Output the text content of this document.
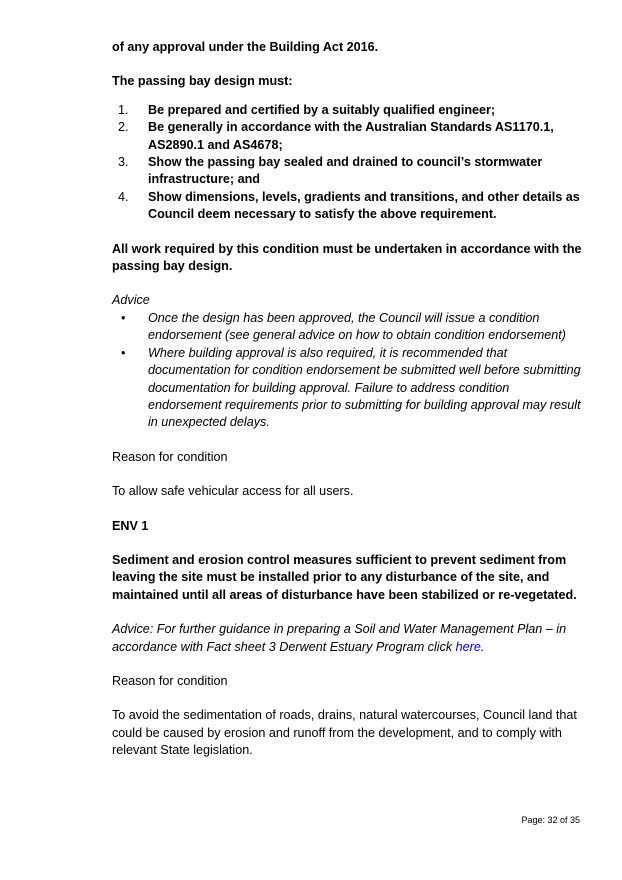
of any approval under the Building Act 2016.

The passing bay design must:

1. Be prepared and certified by a suitably qualified engineer;
2. Be generally in accordance with the Australian Standards AS1170.1, AS2890.1 and AS4678;
3. Show the passing bay sealed and drained to council’s stormwater infrastructure; and
4. Show dimensions, levels, gradients and transitions, and other details as Council deem necessary to satisfy the above requirement.

All work required by this condition must be undertaken in accordance with the passing bay design.

Advice

• Once the design has been approved, the Council will issue a condition endorsement (see general advice on how to obtain condition endorsement)
• Where building approval is also required, it is recommended that documentation for condition endorsement be submitted well before submitting documentation for building approval. Failure to address condition endorsement requirements prior to submitting for building approval may result in unexpected delays.

Reason for condition

To allow safe vehicular access for all users.

ENV 1

Sediment and erosion control measures sufficient to prevent sediment from leaving the site must be installed prior to any disturbance of the site, and maintained until all areas of disturbance have been stabilized or re-vegetated.

Advice: For further guidance in preparing a Soil and Water Management Plan – in accordance with Fact sheet 3 Derwent Estuary Program click here.

Reason for condition

To avoid the sedimentation of roads, drains, natural watercourses, Council land that could be caused by erosion and runoff from the development, and to comply with relevant State legislation.

Page: 32 of 35
